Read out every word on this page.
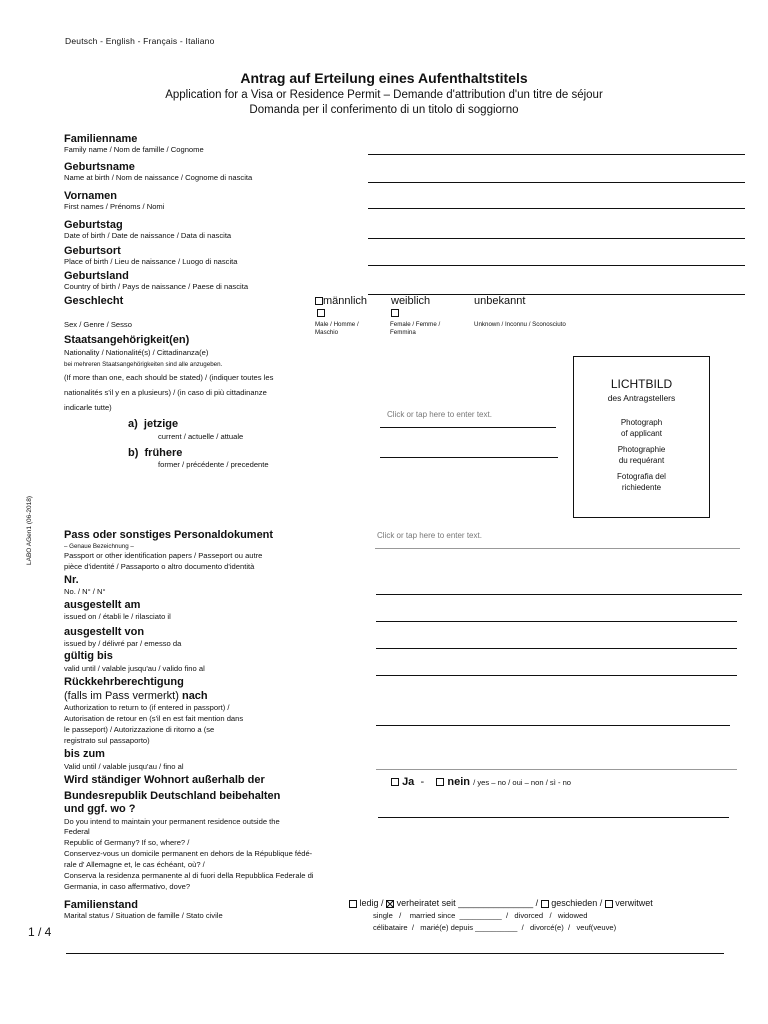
Deutsch - English - Français - Italiano
Antrag auf Erteilung eines Aufenthaltstitels
Application for a Visa or Residence Permit – Demande d'attribution d'un titre de séjour
Domanda per il conferimento di un titolo di soggiorno
LABO AGen1 (06-2018)
1 / 4
Familienname
Family name / Nom de famille / Cognome
Geburtsname
Name at birth / Nom de naissance / Cognome di nascita
Vornamen
First names / Prénoms / Nomi
Geburtstag
Date of birth / Date de naissance / Data di nascita
Geburtsort
Place of birth / Lieu de naissance / Luogo di nascita
Geburtsland
Country of birth / Pays de naissance / Paese di nascita
Geschlecht
Sex / Genre / Sesso
männlich
Male / Homme / Maschio
weiblich
Female / Femme / Femmina
unbekannt
Unknown / Inconnu / Sconosciuto
Staatsangehörigkeit(en)
Nationality / Nationalité(s) / Cittadinanza(e)
bei mehreren Staatsangehörigkeiten sind alle anzugeben.
(If more than one, each should be stated) / (indiquer toutes les
nationalités s'il y en a plusieurs) / (in caso di più cittadinanze
indicarle tutte)
Click or tap here to enter text.
a) jetzige
current / actuelle / attuale
b) frühere
former / précédente / precedente
LICHTBILD
des Antragstellers
Photograph
of applicant
Photographie
du requérant
Fotografia del
richiedente
Pass oder sonstiges Personaldokument
– Genaue Bezeichnung –
Passport or other identification papers / Passeport ou autre
pièce d'identité / Passaporto o altro documento d'identità
Click or tap here to enter text.
Nr.
No. / N° / N°
ausgestellt am
issued on / établi le / rilasciato il
ausgestellt von
issued by / délivré par / emesso da
gültig bis
valid until / valable jusqu'au / valido fino al
Rückkehrberechtigung
(falls im Pass vermerkt) nach
Authorization to return to (if entered in passport) /
Autorisation de retour en (s'il en est fait mention dans
le passeport) / Autorizzazione di ritorno a (se
registrato sul passaporto)
bis zum
Valid until / valable jusqu'au / fino al
Wird ständiger Wohnort außerhalb der
Bundesrepublik Deutschland beibehalten
und ggf. wo ?
Do you intend to maintain your permanent residence outside the
Federal
Republic of Germany? If so, where? /
Conservez-vous un domicile permanent en dehors de la République fédé-
rale d' Allemagne et, le cas échéant, où? /
Conserva la residenza permanente al di fuori della Repubblica Federale di
Germania, in caso affermativo, dove?
Ja - nein / yes – no / oui – non / sì - no
Familienstand
Marital status / Situation de famille / Stato civile
ledig / verheiratet seit _______________ / geschieden / verwitwet
single   /    married since  __________  /   divorced   /   widowed
célibataire  /   marié(e) depuis __________  /   divorcé(e)  /   veuf(veuve)
